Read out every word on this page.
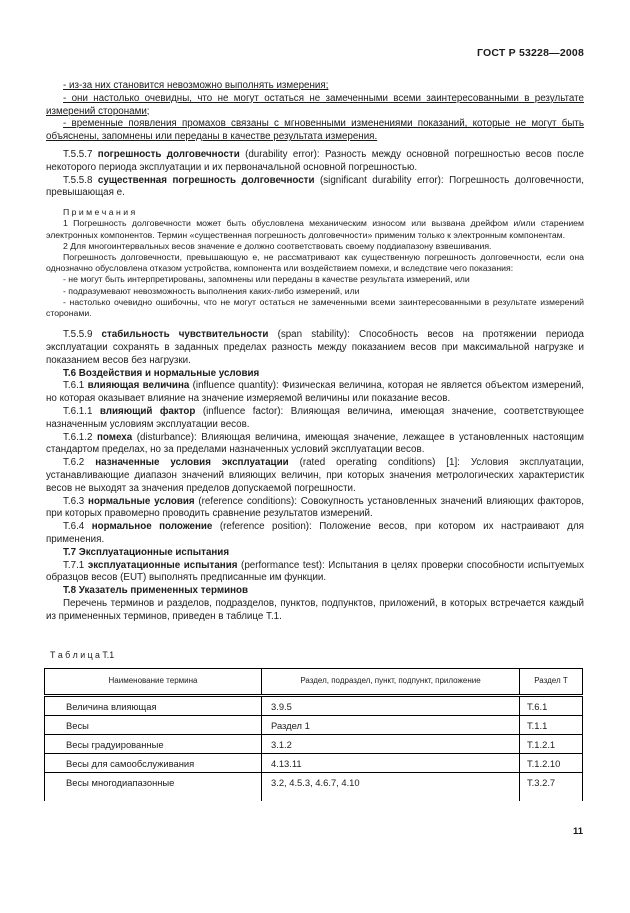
ГОСТ Р 53228—2008

- из-за них становится невозможно выполнять измерения;

- они настолько очевидны, что не могут остаться не замеченными всеми заинтересованными в результате измерений сторонами;

- временные появления промахов связаны с мгновенными изменениями показаний, которые не могут быть объяснены, запомнены или переданы в качестве результата измерения.

Т.5.5.7 погрешность долговечности (durability error): Разность между основной погрешностью весов после некоторого периода эксплуатации и их первоначальной основной погрешностью.

Т.5.5.8 существенная погрешность долговечности (significant durability error): Погрешность долговечности, превышающая е.

П р и м е ч а н и я

1 Погрешность долговечности может быть обусловлена механическим износом или вызвана дрейфом и/или старением электронных компонентов. Термин «существенная погрешность долговечности» применим только к электронным компонентам.

2 Для многоинтервальных весов значение е должно соответствовать своему поддиапазону взвешивания.

Погрешность долговечности, превышающую е, не рассматривают как существенную погрешность долговечности, если она однозначно обусловлена отказом устройства, компонента или воздействием помехи, и вследствие чего показания:

- не могут быть интерпретированы, запомнены или переданы в качестве результата измерений, или

- подразумевают невозможность выполнения каких-либо измерений, или

- настолько очевидно ошибочны, что не могут остаться не замеченными всеми заинтересованными в результате измерений сторонами.

Т.5.5.9 стабильность чувствительности (span stability): Способность весов на протяжении периода эксплуатации сохранять в заданных пределах разность между показанием весов при максимальной нагрузке и показанием весов без нагрузки.

Т.6 Воздействия и нормальные условия

Т.6.1 влияющая величина (influence quantity): Физическая величина, которая не является объектом измерений, но которая оказывает влияние на значение измеряемой величины или показание весов.

Т.6.1.1 влияющий фактор (influence factor): Влияющая величина, имеющая значение, соответствующее назначенным условиям эксплуатации весов.

Т.6.1.2 помеха (disturbance): Влияющая величина, имеющая значение, лежащее в установленных настоящим стандартом пределах, но за пределами назначенных условий эксплуатации весов.

Т.6.2 назначенные условия эксплуатации (rated operating conditions) [1]: Условия эксплуатации, устанавливающие диапазон значений влияющих величин, при которых значения метрологических характеристик весов не выходят за значения пределов допускаемой погрешности.

Т.6.3 нормальные условия (reference conditions): Совокупность установленных значений влияющих факторов, при которых правомерно проводить сравнение результатов измерений.

Т.6.4 нормальное положение (reference position): Положение весов, при котором их настраивают для применения.

Т.7 Эксплуатационные испытания

Т.7.1 эксплуатационные испытания (performance test): Испытания в целях проверки способности испытуемых образцов весов (EUT) выполнять предписанные им функции.

Т.8 Указатель примененных терминов

Перечень терминов и разделов, подразделов, пунктов, подпунктов, приложений, в которых встречается каждый из примененных терминов, приведен в таблице Т.1.

Т а б л и ц а Т.1

Наименование термина	Раздел, подраздел, пункт, подпункт, приложение	Раздел Т
Величина влияющая	3.9.5	Т.6.1
Весы	Раздел 1	Т.1.1
Весы градуированные	3.1.2	Т.1.2.1
Весы для самообслуживания	4.13.11	Т.1.2.10
Весы многодиапазонные	3.2, 4.5.3, 4.6.7, 4.10	Т.3.2.7
11
